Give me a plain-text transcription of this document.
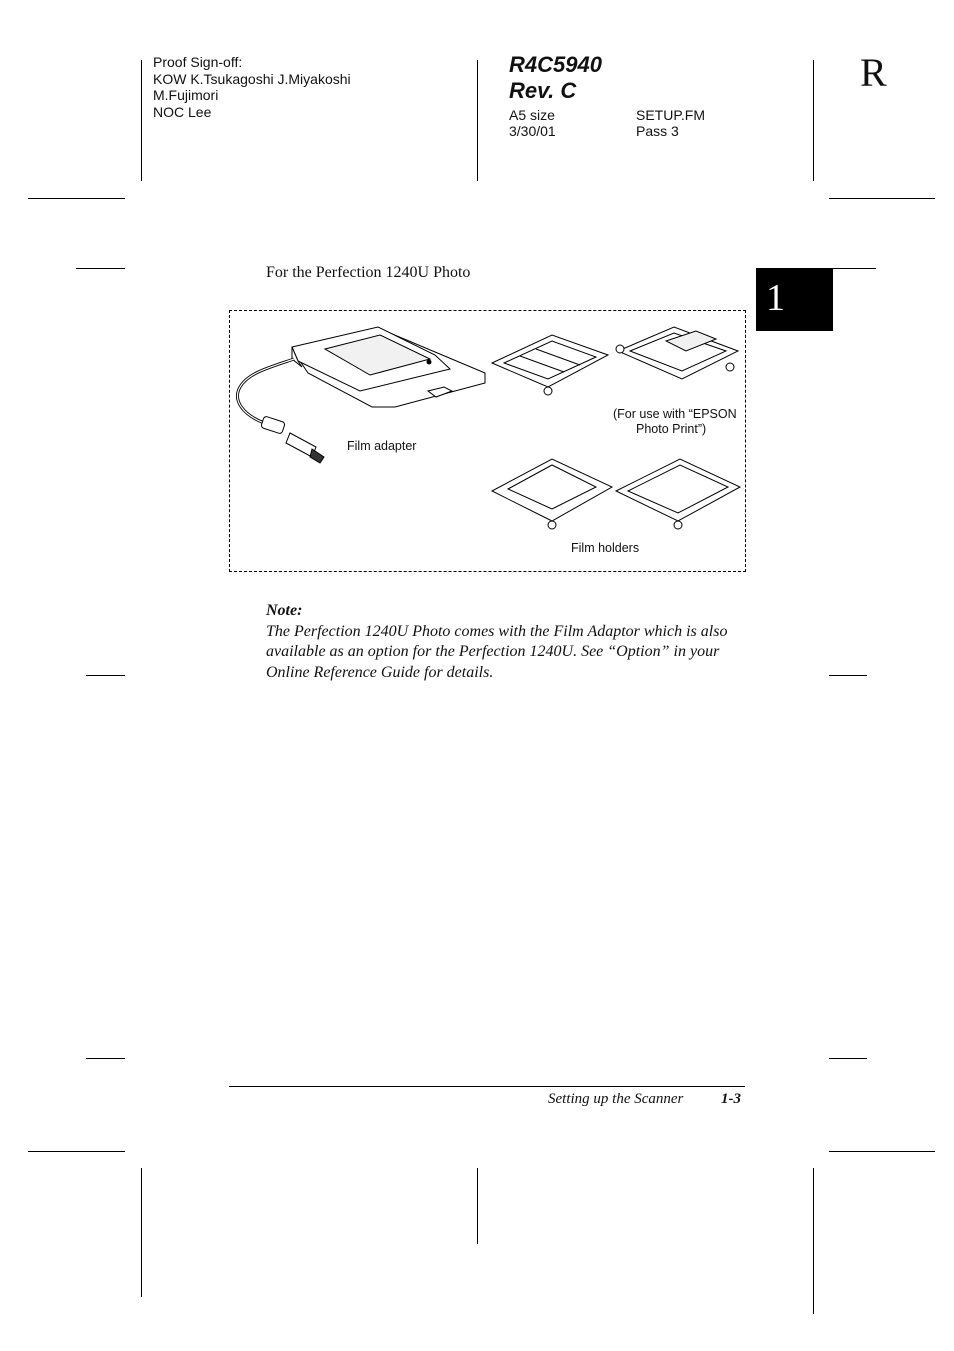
Proof Sign-off:
KOW K.Tsukagoshi J.Miyakoshi
M.Fujimori
NOC Lee
R4C5940
Rev. C
A5 size
3/30/01
SETUP.FM
Pass 3
R
1
For the Perfection 1240U Photo
Film adapter
(For use with “EPSON
Photo Print”)
Film holders
Note:
The Perfection 1240U Photo comes with the Film Adaptor which is also
available as an option for the Perfection 1240U. See “Option” in your
Online Reference Guide for details.
Setting up the Scanner	1-3
